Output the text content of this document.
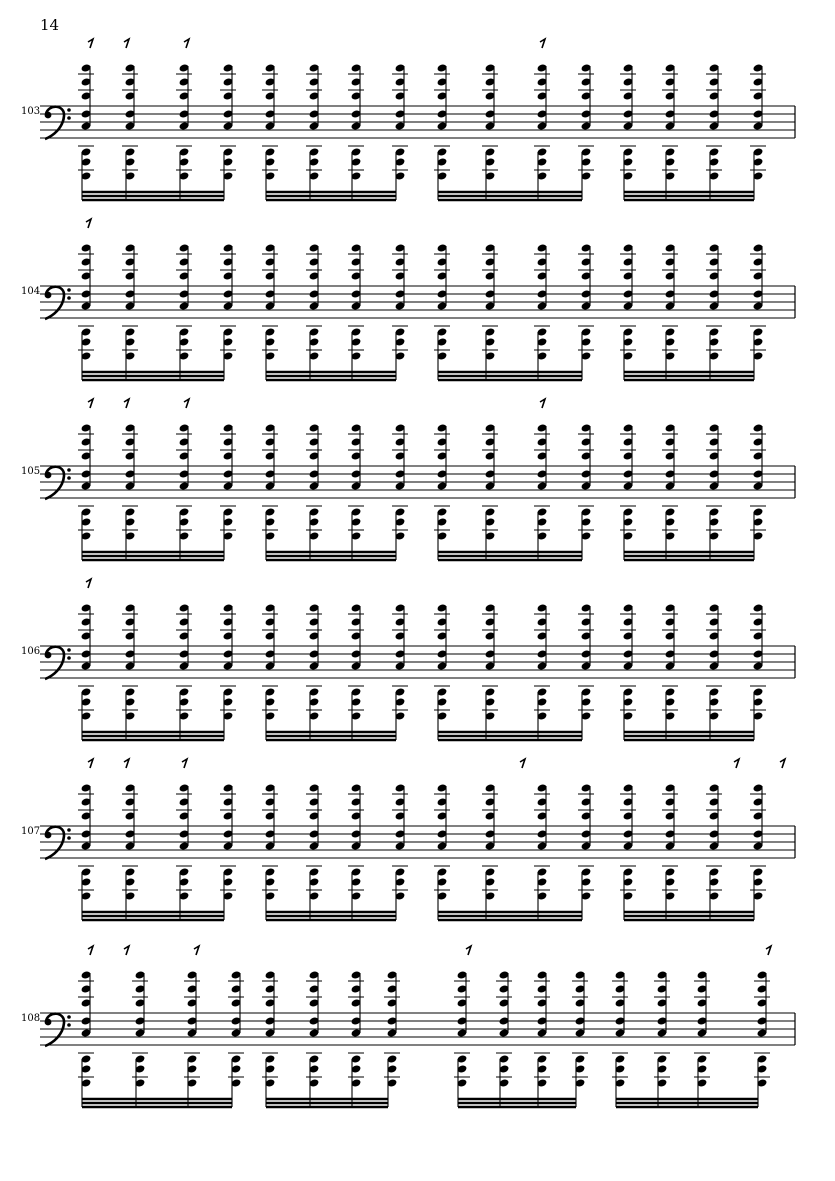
14
103
104
105
106
107
108
